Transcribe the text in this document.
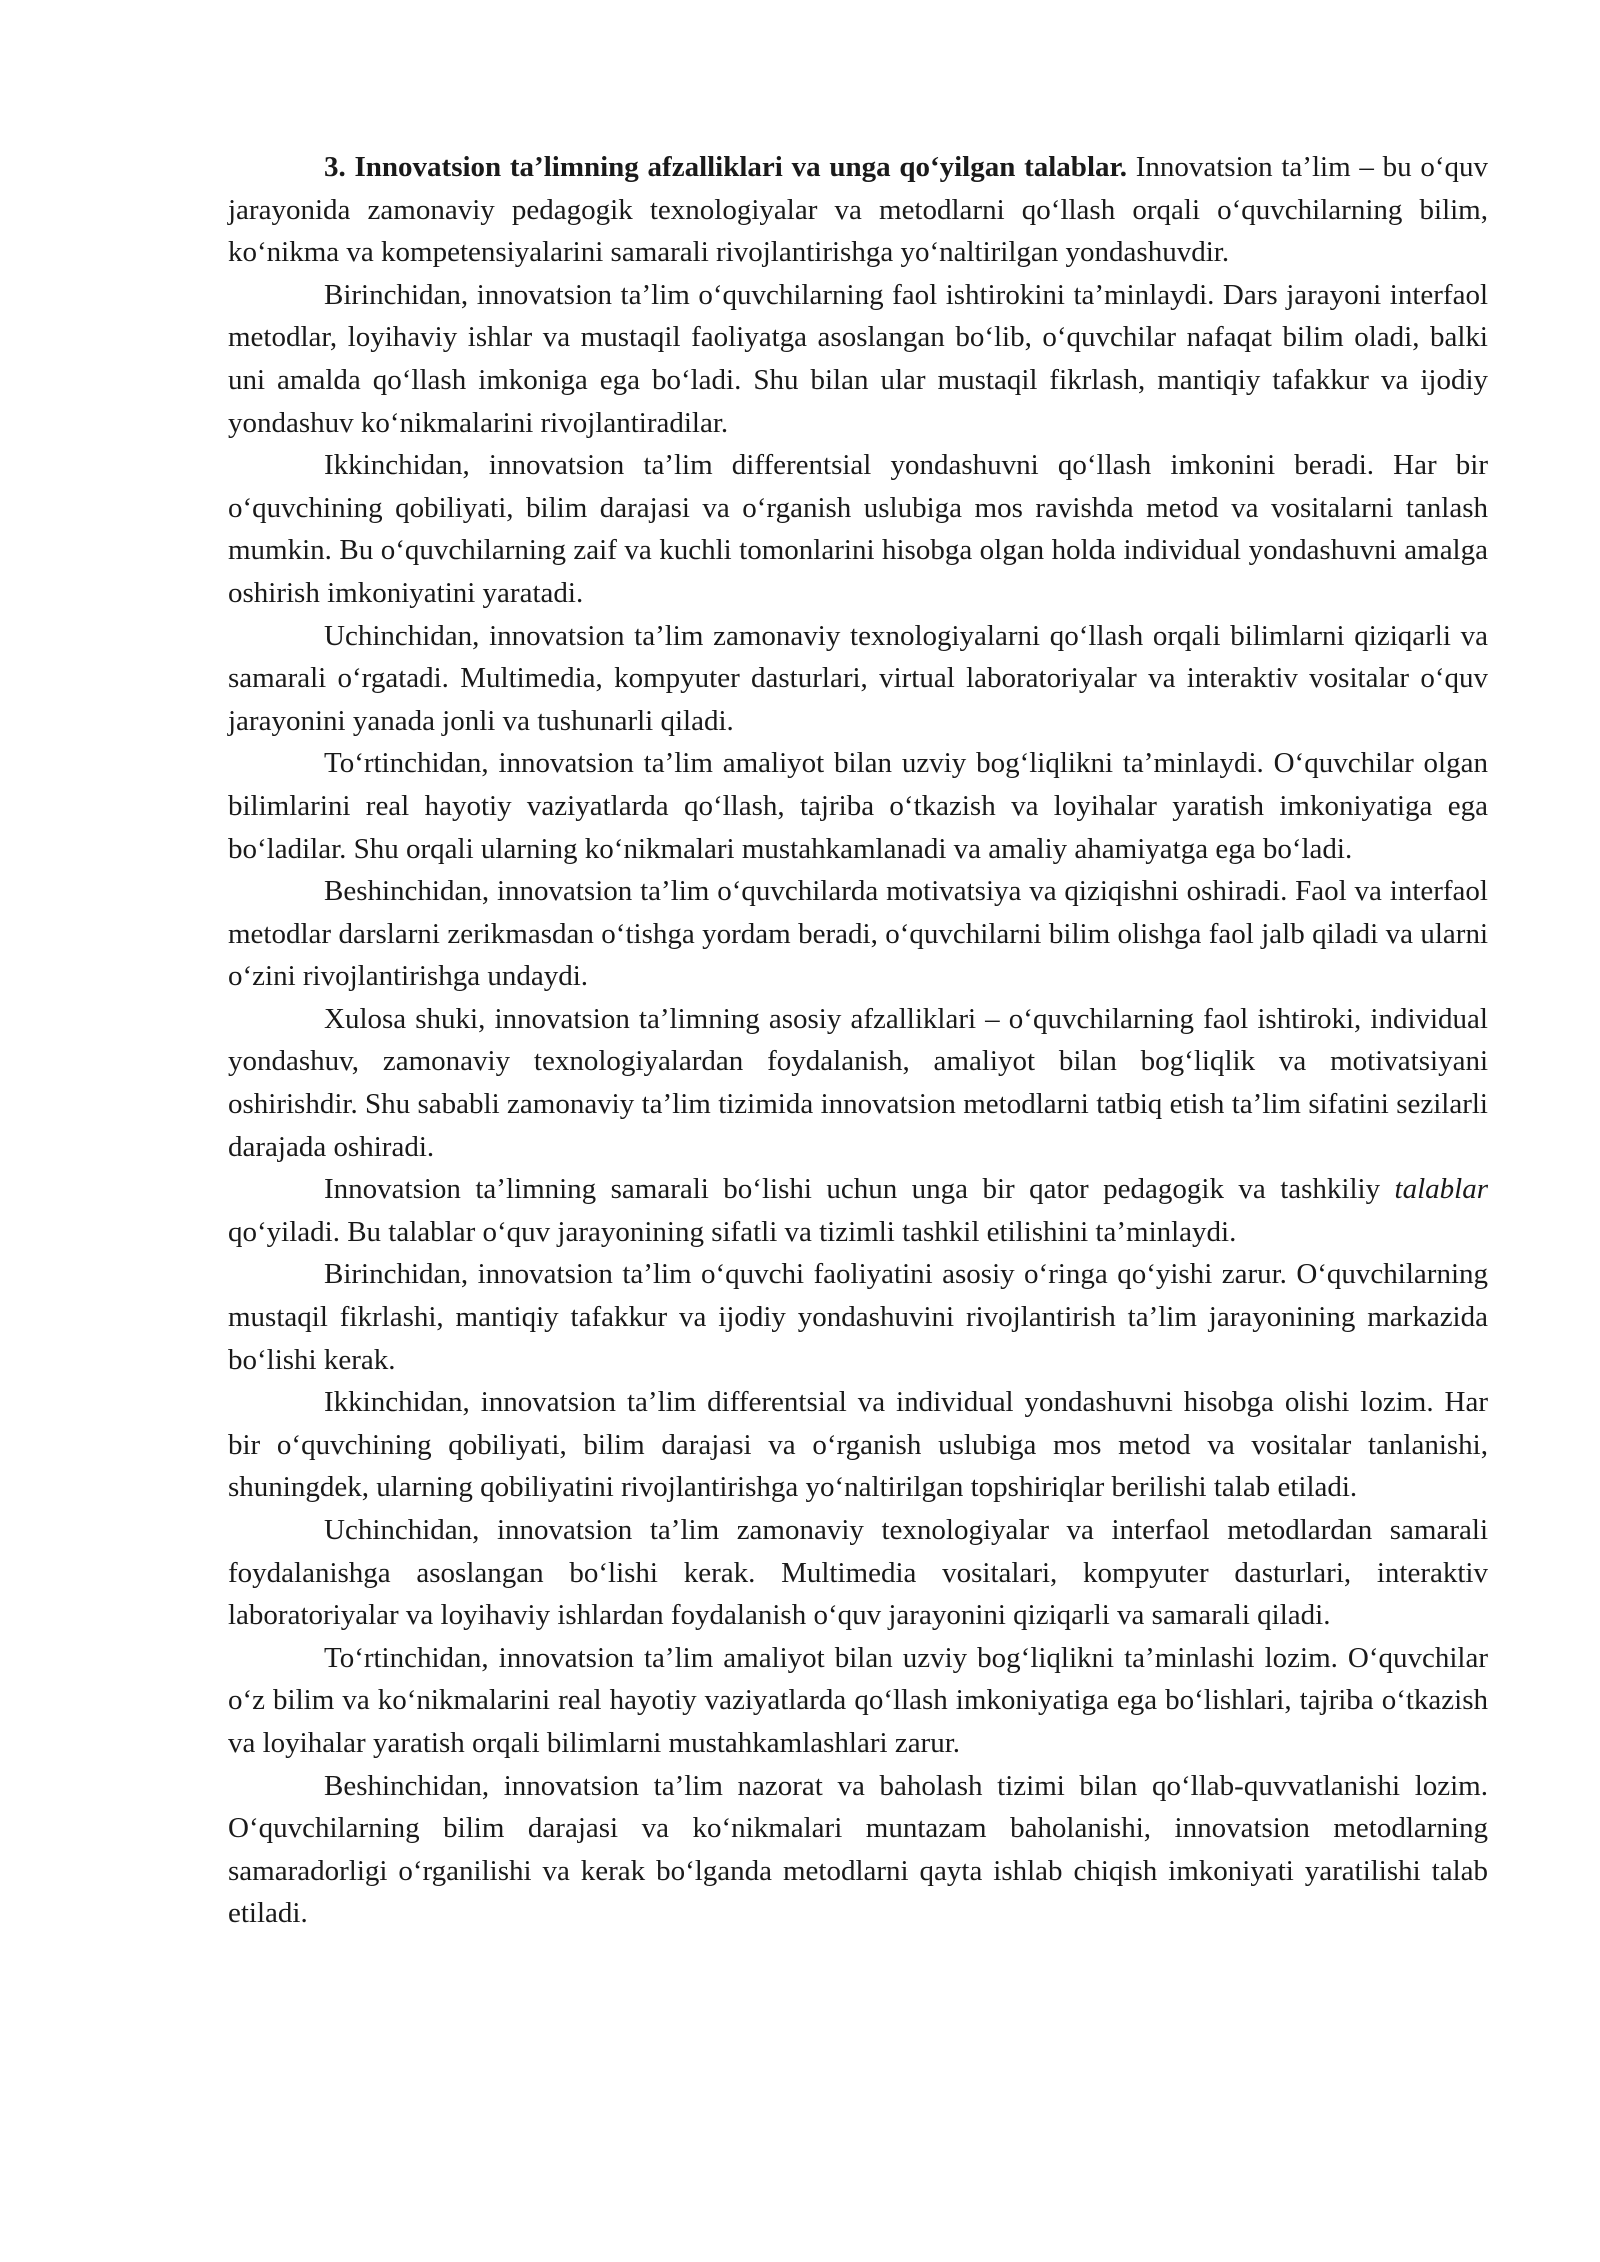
3. Innovatsion ta’limning afzalliklari va unga qo‘yilgan talablar. Innovatsion ta’lim – bu o‘quv jarayonida zamonaviy pedagogik texnologiyalar va metodlarni qo‘llash orqali o‘quvchilarning bilim, ko‘nikma va kompetensiyalarini samarali rivojlantirishga yo‘naltirilgan yondashuvdir.

Birinchidan, innovatsion ta’lim o‘quvchilarning faol ishtirokini ta’minlaydi. Dars jarayoni interfaol metodlar, loyihaviy ishlar va mustaqil faoliyatga asoslangan bo‘lib, o‘quvchilar nafaqat bilim oladi, balki uni amalda qo‘llash imkoniga ega bo‘ladi. Shu bilan ular mustaqil fikrlash, mantiqiy tafakkur va ijodiy yondashuv ko‘nikmalarini rivojlantiradilar.

Ikkinchidan, innovatsion ta’lim differentsial yondashuvni qo‘llash imkonini beradi. Har bir o‘quvchining qobiliyati, bilim darajasi va o‘rganish uslubiga mos ravishda metod va vositalarni tanlash mumkin. Bu o‘quvchilarning zaif va kuchli tomonlarini hisobga olgan holda individual yondashuvni amalga oshirish imkoniyatini yaratadi.

Uchinchidan, innovatsion ta’lim zamonaviy texnologiyalarni qo‘llash orqali bilimlarni qiziqarli va samarali o‘rgatadi. Multimedia, kompyuter dasturlari, virtual laboratoriyalar va interaktiv vositalar o‘quv jarayonini yanada jonli va tushunarli qiladi.

To‘rtinchidan, innovatsion ta’lim amaliyot bilan uzviy bog‘liqlikni ta’minlaydi. O‘quvchilar olgan bilimlarini real hayotiy vaziyatlarda qo‘llash, tajriba o‘tkazish va loyihalar yaratish imkoniyatiga ega bo‘ladilar. Shu orqali ularning ko‘nikmalari mustahkamlanadi va amaliy ahamiyatga ega bo‘ladi.

Beshinchidan, innovatsion ta’lim o‘quvchilarda motivatsiya va qiziqishni oshiradi. Faol va interfaol metodlar darslarni zerikmasdan o‘tishga yordam beradi, o‘quvchilarni bilim olishga faol jalb qiladi va ularni o‘zini rivojlantirishga undaydi.

Xulosa shuki, innovatsion ta’limning asosiy afzalliklari – o‘quvchilarning faol ishtiroki, individual yondashuv, zamonaviy texnologiyalardan foydalanish, amaliyot bilan bog‘liqlik va motivatsiyani oshirishdir. Shu sababli zamonaviy ta’lim tizimida innovatsion metodlarni tatbiq etish ta’lim sifatini sezilarli darajada oshiradi.

Innovatsion ta’limning samarali bo‘lishi uchun unga bir qator pedagogik va tashkiliy talablar qo‘yiladi. Bu talablar o‘quv jarayonining sifatli va tizimli tashkil etilishini ta’minlaydi.

Birinchidan, innovatsion ta’lim o‘quvchi faoliyatini asosiy o‘ringa qo‘yishi zarur. O‘quvchilarning mustaqil fikrlashi, mantiqiy tafakkur va ijodiy yondashuvini rivojlantirish ta’lim jarayonining markazida bo‘lishi kerak.

Ikkinchidan, innovatsion ta’lim differentsial va individual yondashuvni hisobga olishi lozim. Har bir o‘quvchining qobiliyati, bilim darajasi va o‘rganish uslubiga mos metod va vositalar tanlanishi, shuningdek, ularning qobiliyatini rivojlantirishga yo‘naltirilgan topshiriqlar berilishi talab etiladi.

Uchinchidan, innovatsion ta’lim zamonaviy texnologiyalar va interfaol metodlardan samarali foydalanishga asoslangan bo‘lishi kerak. Multimedia vositalari, kompyuter dasturlari, interaktiv laboratoriyalar va loyihaviy ishlardan foydalanish o‘quv jarayonini qiziqarli va samarali qiladi.

To‘rtinchidan, innovatsion ta’lim amaliyot bilan uzviy bog‘liqlikni ta’minlashi lozim. O‘quvchilar o‘z bilim va ko‘nikmalarini real hayotiy vaziyatlarda qo‘llash imkoniyatiga ega bo‘lishlari, tajriba o‘tkazish va loyihalar yaratish orqali bilimlarni mustahkamlashlari zarur.

Beshinchidan, innovatsion ta’lim nazorat va baholash tizimi bilan qo‘llab-quvvatlanishi lozim. O‘quvchilarning bilim darajasi va ko‘nikmalari muntazam baholanishi, innovatsion metodlarning samaradorligi o‘rganilishi va kerak bo‘lganda metodlarni qayta ishlab chiqish imkoniyati yaratilishi talab etiladi.
